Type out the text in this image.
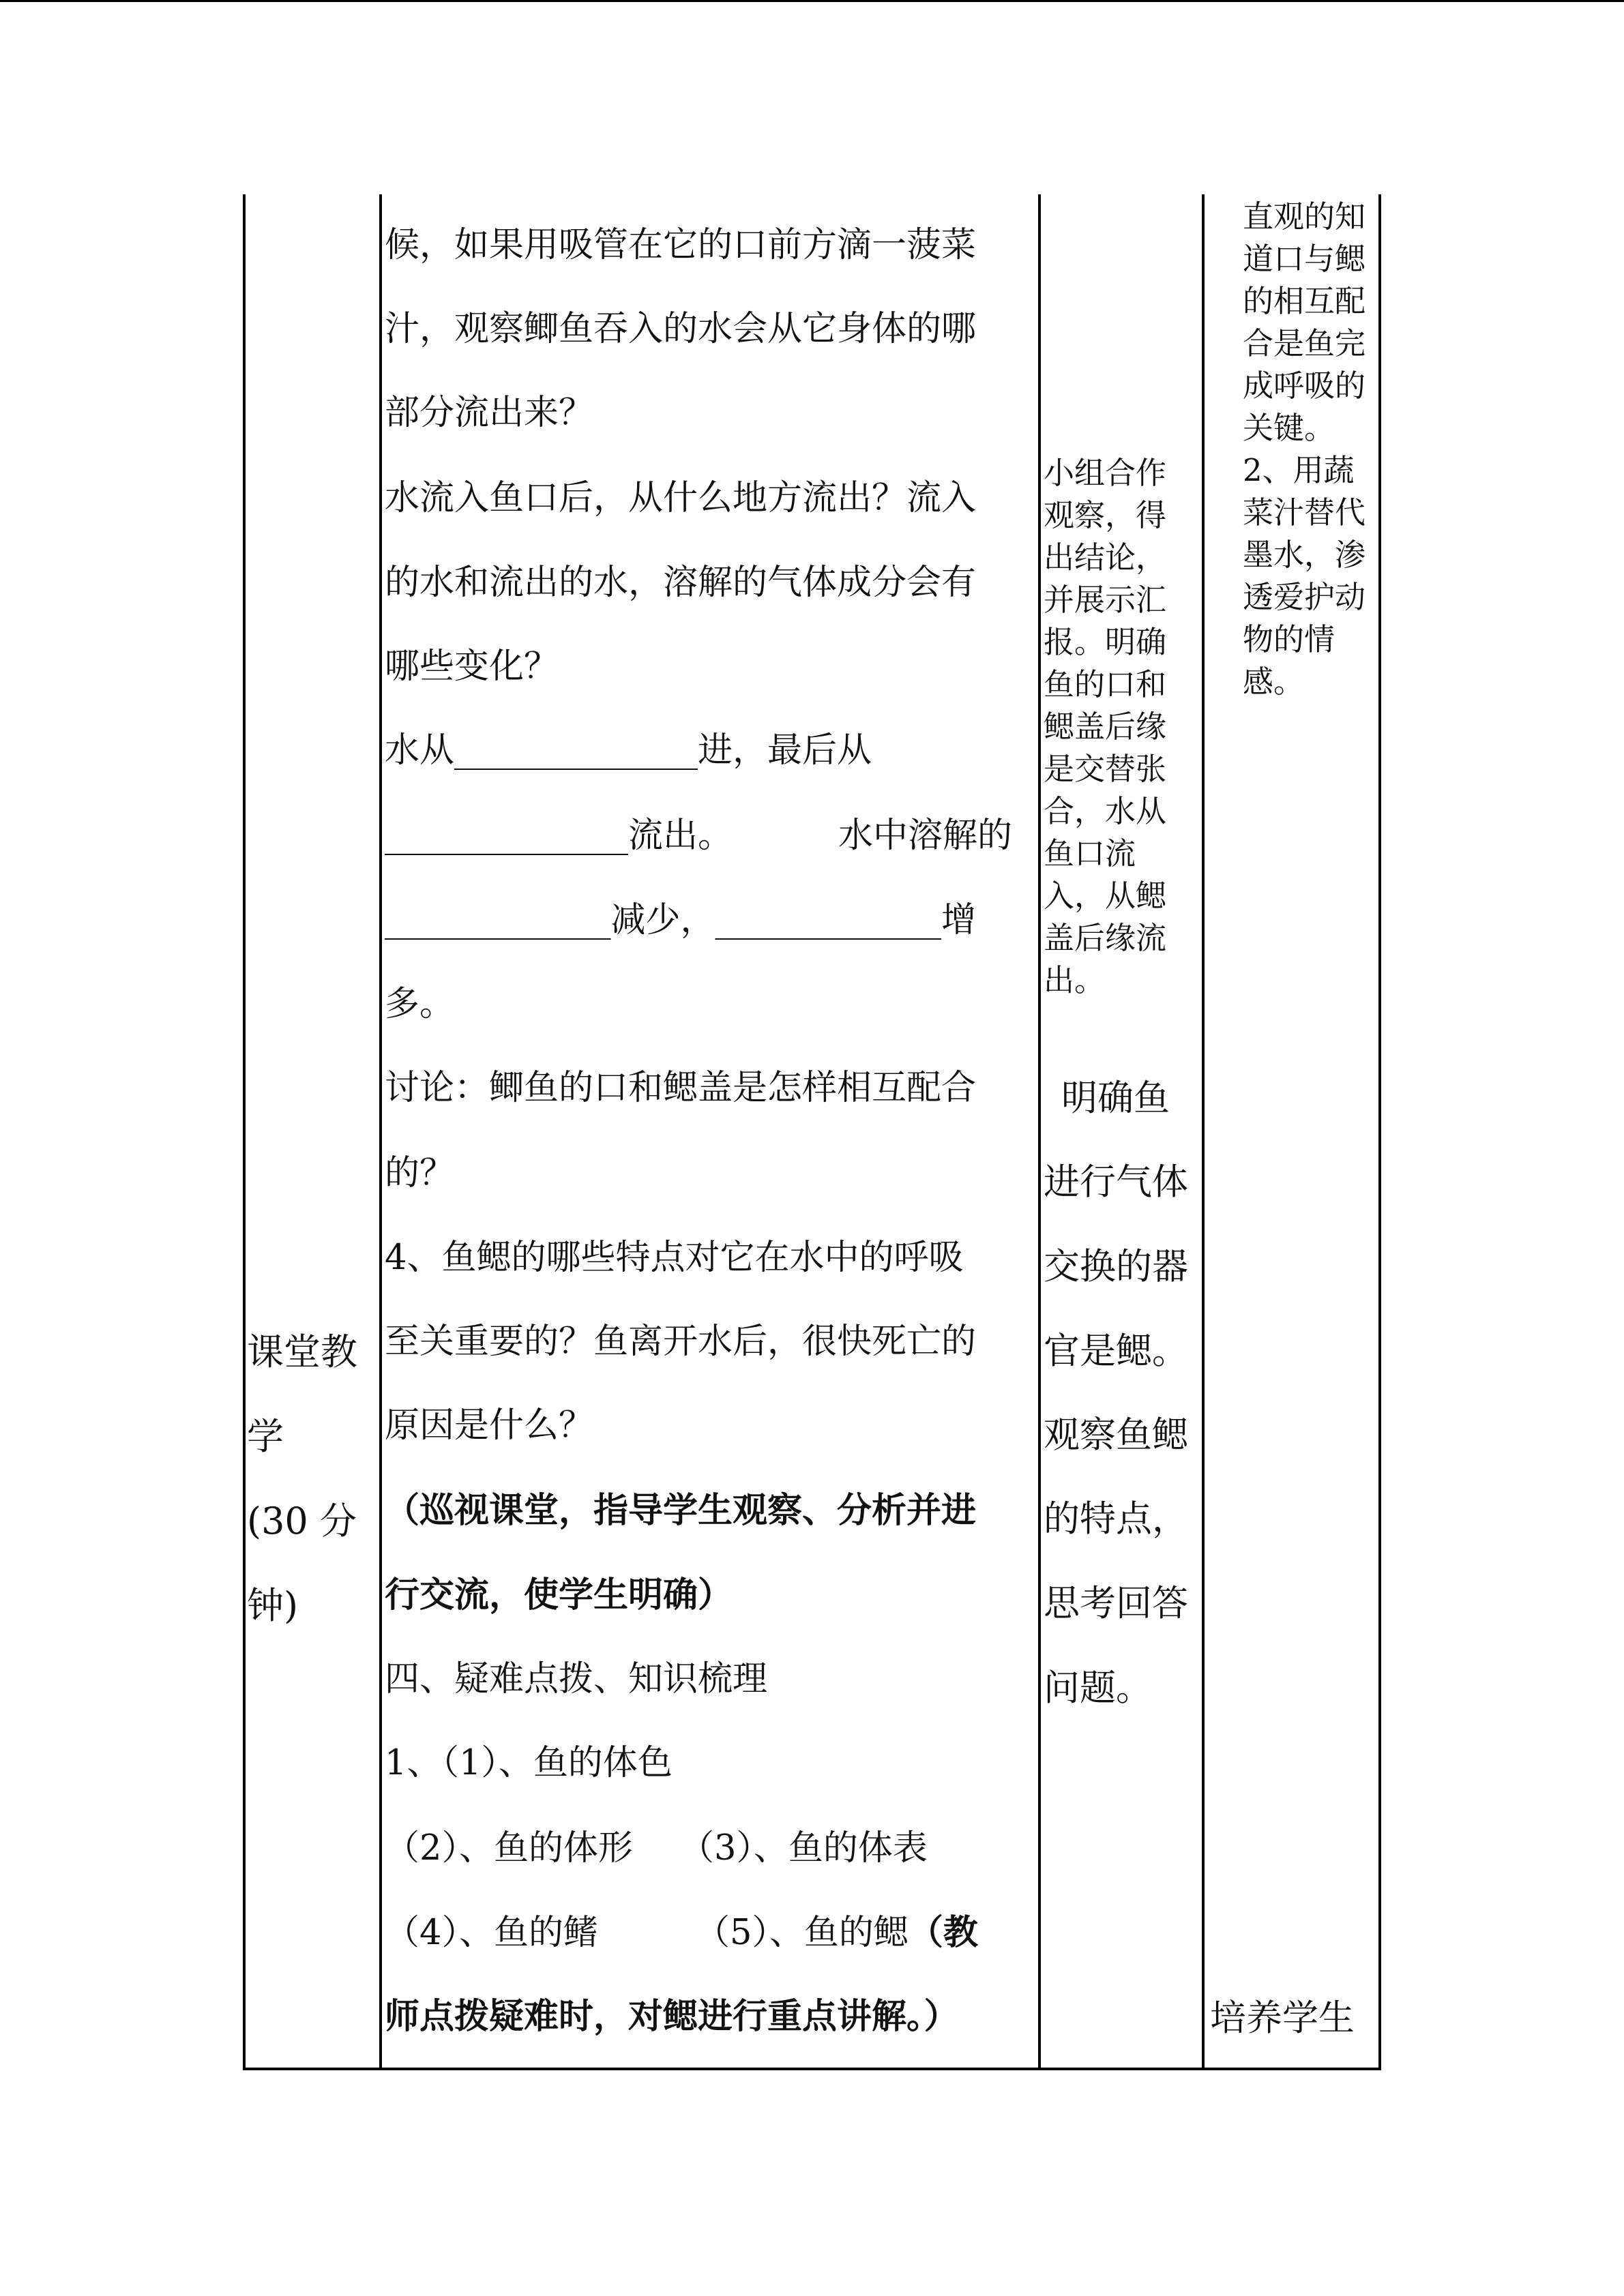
课堂教
学
(30 分
钟)
候，如果用吸管在它的口前方滴一菠菜
汁，观察鲫鱼吞入的水会从它身体的哪
部分流出来？
水流入鱼口后，从什么地方流出？流入
的水和流出的水，溶解的气体成分会有
哪些变化？
水从______________进，最后从
______________流出。	水中溶解的
_____________减少，_____________增
多。
讨论：鲫鱼的口和鳃盖是怎样相互配合
的？
4、鱼鳃的哪些特点对它在水中的呼吸
至关重要的？鱼离开水后，很快死亡的
原因是什么？
（巡视课堂，指导学生观察、分析并进
行交流，使学生明确）
四、疑难点拨、知识梳理
1、（1）、鱼的体色
（2）、鱼的体形 （3）、鱼的体表
（4）、鱼的鳍	（5）、鱼的鳃（教
师点拨疑难时，对鳃进行重点讲解。）
小组合作
观察，得
出结论，
并展示汇
报。明确
鱼的口和
鳃盖后缘
是交替张
合，水从
鱼口流
入，从鳃
盖后缘流
出。
明确鱼
进行气体
交换的器
官是鳃。
观察鱼鳃
的特点，
思考回答
问题。
直观的知
道口与鳃
的相互配
合是鱼完
成呼吸的
关键。
2、用蔬
菜汁替代
墨水，渗
透爱护动
物的情
感。
培养学生
